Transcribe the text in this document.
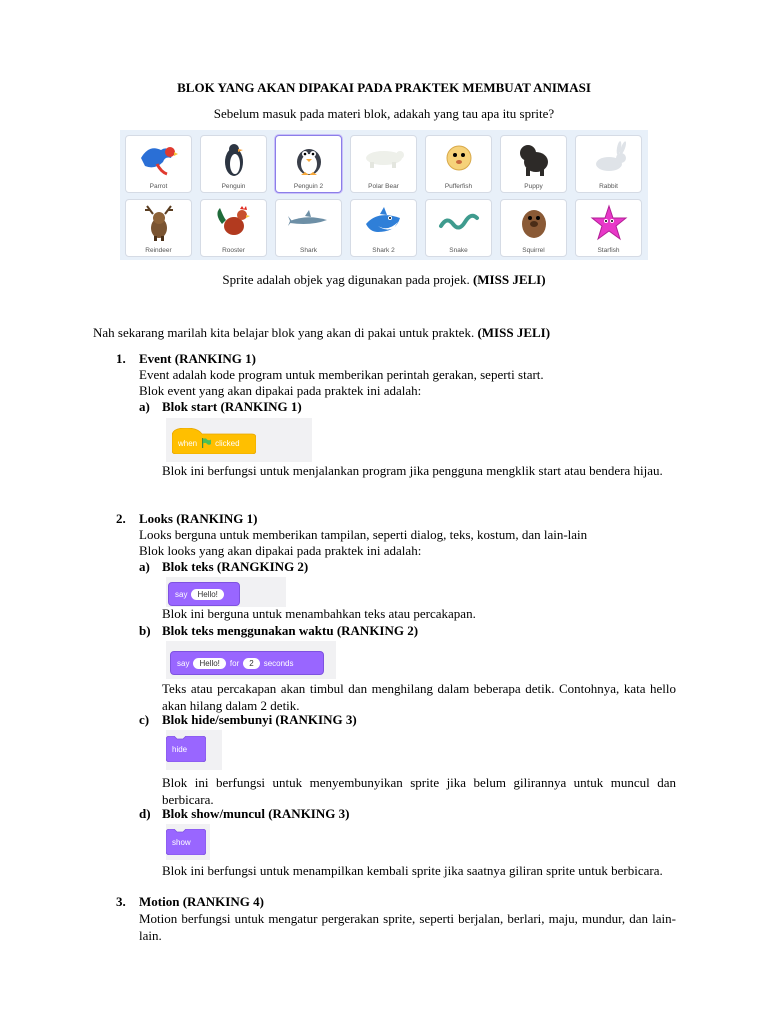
BLOK YANG AKAN DIPAKAI PADA PRAKTEK MEMBUAT ANIMASI
Sebelum masuk pada materi blok, adakah yang tau apa itu sprite?
Parrot	Penguin	Penguin 2	Polar Bear	Pufferfish	Puppy	Rabbit
Reindeer	Rooster	Shark	Shark 2	Snake	Squirrel	Starfish
Sprite adalah objek yag digunakan pada projek. (MISS JELI)
Nah sekarang marilah kita belajar blok yang akan di pakai untuk praktek. (MISS JELI)
1. Event (RANKING 1)
Event adalah kode program untuk memberikan perintah gerakan, seperti start.
Blok event yang akan dipakai pada praktek ini adalah:
a) Blok start (RANKING 1)
when clicked
Blok ini berfungsi untuk menjalankan program jika pengguna mengklik start atau bendera hijau.
2. Looks (RANKING 1)
Looks berguna untuk memberikan tampilan, seperti dialog, teks, kostum, dan lain-lain
Blok looks yang akan dipakai pada praktek ini adalah:
a) Blok teks (RANGKING 2)
say	Hello!
Blok ini berguna untuk menambahkan teks atau percakapan.
b) Blok teks menggunakan waktu (RANKING 2)
say	Hello!	for	2	seconds
Teks atau percakapan akan timbul dan menghilang dalam beberapa detik. Contohnya, kata hello akan hilang dalam 2 detik.
c) Blok hide/sembunyi (RANKING 3)
hide
Blok ini berfungsi untuk menyembunyikan sprite jika belum gilirannya untuk muncul dan berbicara.
d) Blok show/muncul (RANKING 3)
show
Blok ini berfungsi untuk menampilkan kembali sprite jika saatnya giliran sprite untuk berbicara.
3. Motion (RANKING 4)
Motion berfungsi untuk mengatur pergerakan sprite, seperti berjalan, berlari, maju, mundur, dan lain-lain.
